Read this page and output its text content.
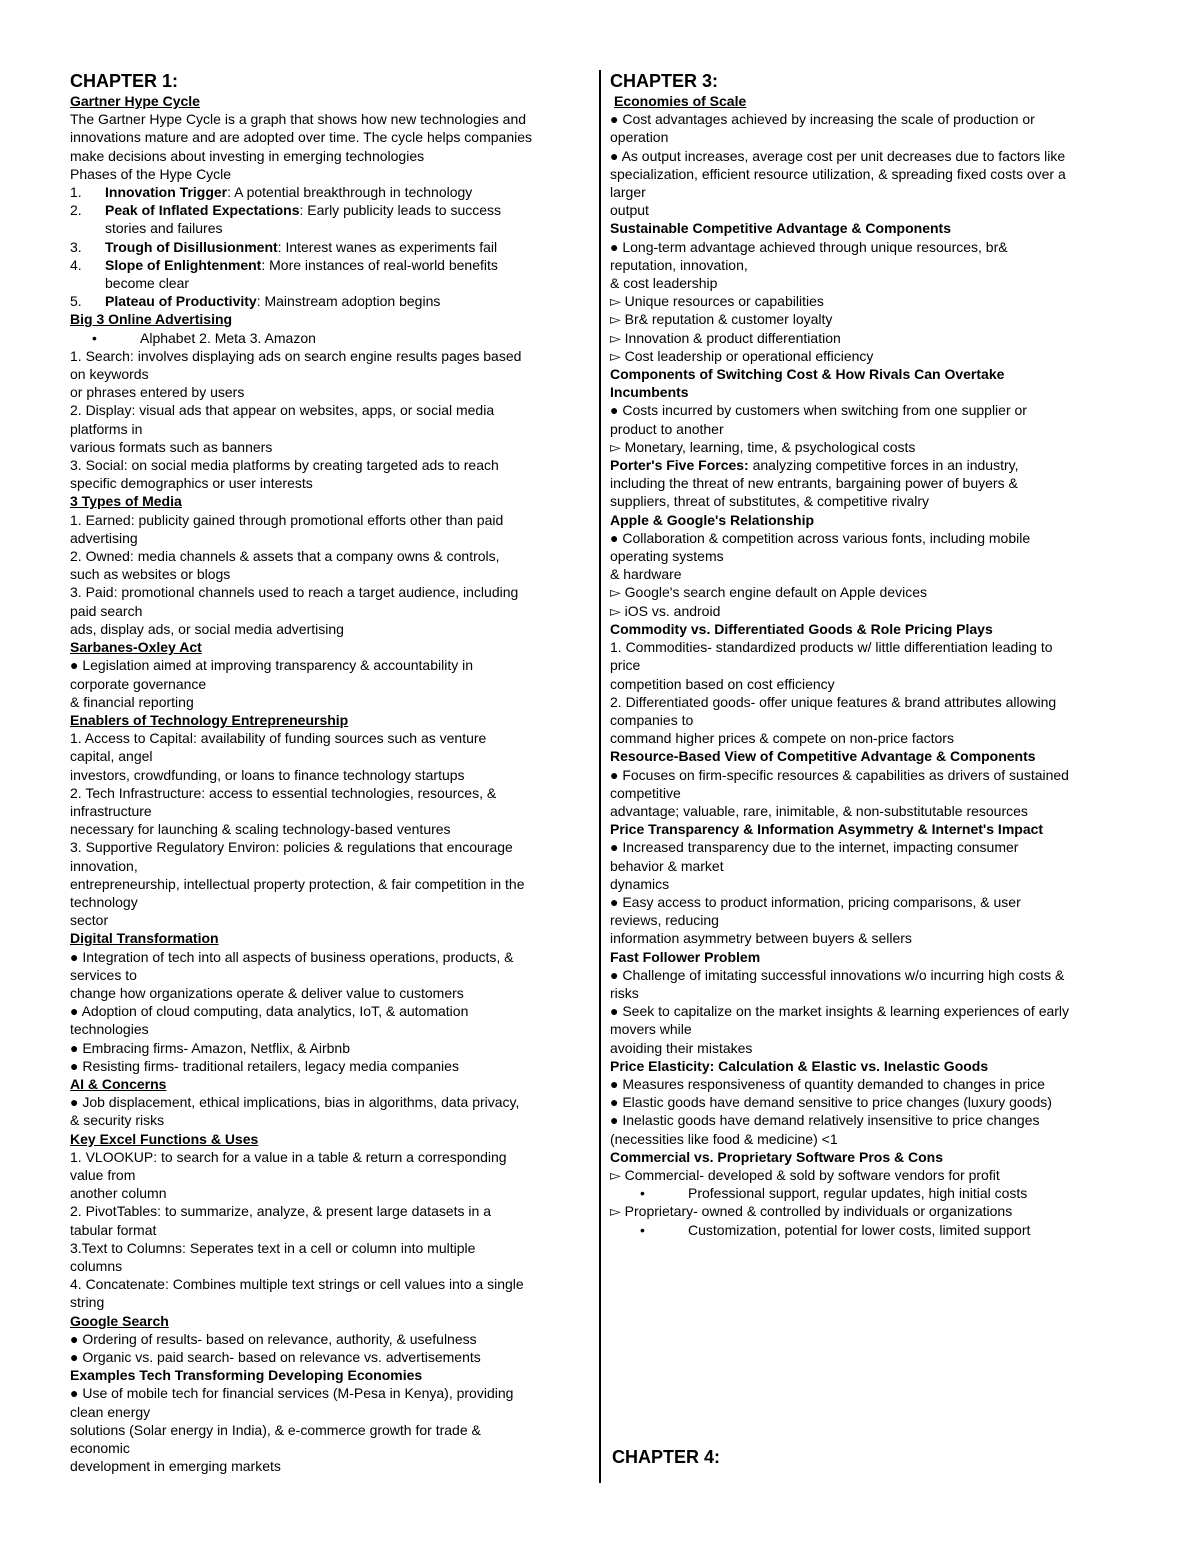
CHAPTER 1:
Gartner Hype Cycle
The Gartner Hype Cycle is a graph that shows how new technologies and
innovations mature and are adopted over time. The cycle helps companies
make decisions about investing in emerging technologies
Phases of the Hype Cycle
1.	Innovation Trigger: A potential breakthrough in technology
2.	Peak of Inflated Expectations: Early publicity leads to success
stories and failures
3.	Trough of Disillusionment: Interest wanes as experiments fail
4.	Slope of Enlightenment: More instances of real-world benefits
become clear
5.	Plateau of Productivity: Mainstream adoption begins
Big 3 Online Advertising
•	Alphabet 2. Meta 3. Amazon
1. Search: involves displaying ads on search engine results pages based
on keywords
or phrases entered by users
2. Display: visual ads that appear on websites, apps, or social media
platforms in
various formats such as banners
3. Social: on social media platforms by creating targeted ads to reach
specific demographics or user interests
3 Types of Media
1. Earned: publicity gained through promotional efforts other than paid
advertising
2. Owned: media channels & assets that a company owns & controls,
such as websites or blogs
3. Paid: promotional channels used to reach a target audience, including
paid search
ads, display ads, or social media advertising
Sarbanes-Oxley Act
● Legislation aimed at improving transparency & accountability in
corporate governance
& financial reporting
Enablers of Technology Entrepreneurship
1. Access to Capital: availability of funding sources such as venture
capital, angel
investors, crowdfunding, or loans to finance technology startups
2. Tech Infrastructure: access to essential technologies, resources, &
infrastructure
necessary for launching & scaling technology-based ventures
3. Supportive Regulatory Environ: policies & regulations that encourage
innovation,
entrepreneurship, intellectual property protection, & fair competition in the
technology
sector
Digital Transformation
● Integration of tech into all aspects of business operations, products, &
services to
change how organizations operate & deliver value to customers
● Adoption of cloud computing, data analytics, IoT, & automation
technologies
● Embracing firms- Amazon, Netflix, & Airbnb
● Resisting firms- traditional retailers, legacy media companies
AI & Concerns
● Job displacement, ethical implications, bias in algorithms, data privacy,
& security risks
Key Excel Functions & Uses
1. VLOOKUP: to search for a value in a table & return a corresponding
value from
another column
2. PivotTables: to summarize, analyze, & present large datasets in a
tabular format
3.Text to Columns: Seperates text in a cell or column into multiple
columns
4. Concatenate: Combines multiple text strings or cell values into a single
string
Google Search
● Ordering of results- based on relevance, authority, & usefulness
● Organic vs. paid search- based on relevance vs. advertisements
Examples Tech Transforming Developing Economies
● Use of mobile tech for financial services (M-Pesa in Kenya), providing
clean energy
solutions (Solar energy in India), & e-commerce growth for trade &
economic
development in emerging markets
CHAPTER 3:
Economies of Scale
● Cost advantages achieved by increasing the scale of production or
operation
● As output increases, average cost per unit decreases due to factors like
specialization, efficient resource utilization, & spreading fixed costs over a
larger
output
Sustainable Competitive Advantage & Components
● Long-term advantage achieved through unique resources, br&
reputation, innovation,
& cost leadership
▻ Unique resources or capabilities
▻ Br& reputation & customer loyalty
▻ Innovation & product differentiation
▻ Cost leadership or operational efficiency
Components of Switching Cost & How Rivals Can Overtake
Incumbents
● Costs incurred by customers when switching from one supplier or
product to another
▻ Monetary, learning, time, & psychological costs
Porter's Five Forces: analyzing competitive forces in an industry,
including the threat of new entrants, bargaining power of buyers &
suppliers, threat of substitutes, & competitive rivalry
Apple & Google's Relationship
● Collaboration & competition across various fonts, including mobile
operating systems
& hardware
▻ Google's search engine default on Apple devices
▻ iOS vs. android
Commodity vs. Differentiated Goods & Role Pricing Plays
1. Commodities- standardized products w/ little differentiation leading to
price
competition based on cost efficiency
2. Differentiated goods- offer unique features & brand attributes allowing
companies to
command higher prices & compete on non-price factors
Resource-Based View of Competitive Advantage & Components
● Focuses on firm-specific resources & capabilities as drivers of sustained
competitive
advantage; valuable, rare, inimitable, & non-substitutable resources
Price Transparency & Information Asymmetry & Internet's Impact
● Increased transparency due to the internet, impacting consumer
behavior & market
dynamics
● Easy access to product information, pricing comparisons, & user
reviews, reducing
information asymmetry between buyers & sellers
Fast Follower Problem
● Challenge of imitating successful innovations w/o incurring high costs &
risks
● Seek to capitalize on the market insights & learning experiences of early
movers while
avoiding their mistakes
Price Elasticity: Calculation & Elastic vs. Inelastic Goods
● Measures responsiveness of quantity demanded to changes in price
● Elastic goods have demand sensitive to price changes (luxury goods)
● Inelastic goods have demand relatively insensitive to price changes
(necessities like food & medicine) <1
Commercial vs. Proprietary Software Pros & Cons
▻ Commercial- developed & sold by software vendors for profit
•	Professional support, regular updates, high initial costs
▻ Proprietary- owned & controlled by individuals or organizations
•	Customization, potential for lower costs, limited support
CHAPTER 4:
